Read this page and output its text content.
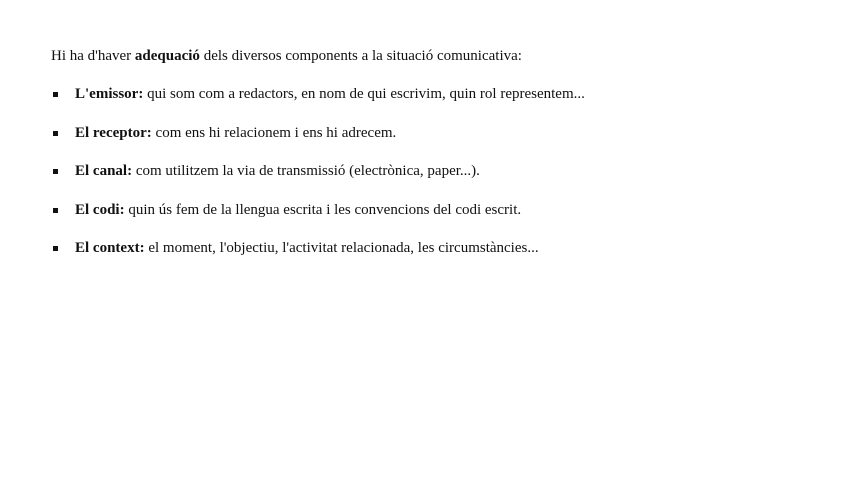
Hi ha d'haver adequació dels diversos components a la situació comunicativa:

L'emissor: qui som com a redactors, en nom de qui escrivim, quin rol representem...
El receptor: com ens hi relacionem i ens hi adrecem.
El canal: com utilitzem la via de transmissió (electrònica, paper...).
El codi: quin ús fem de la llengua escrita i les convencions del codi escrit.
El context: el moment, l'objectiu, l'activitat relacionada, les circumstàncies...
